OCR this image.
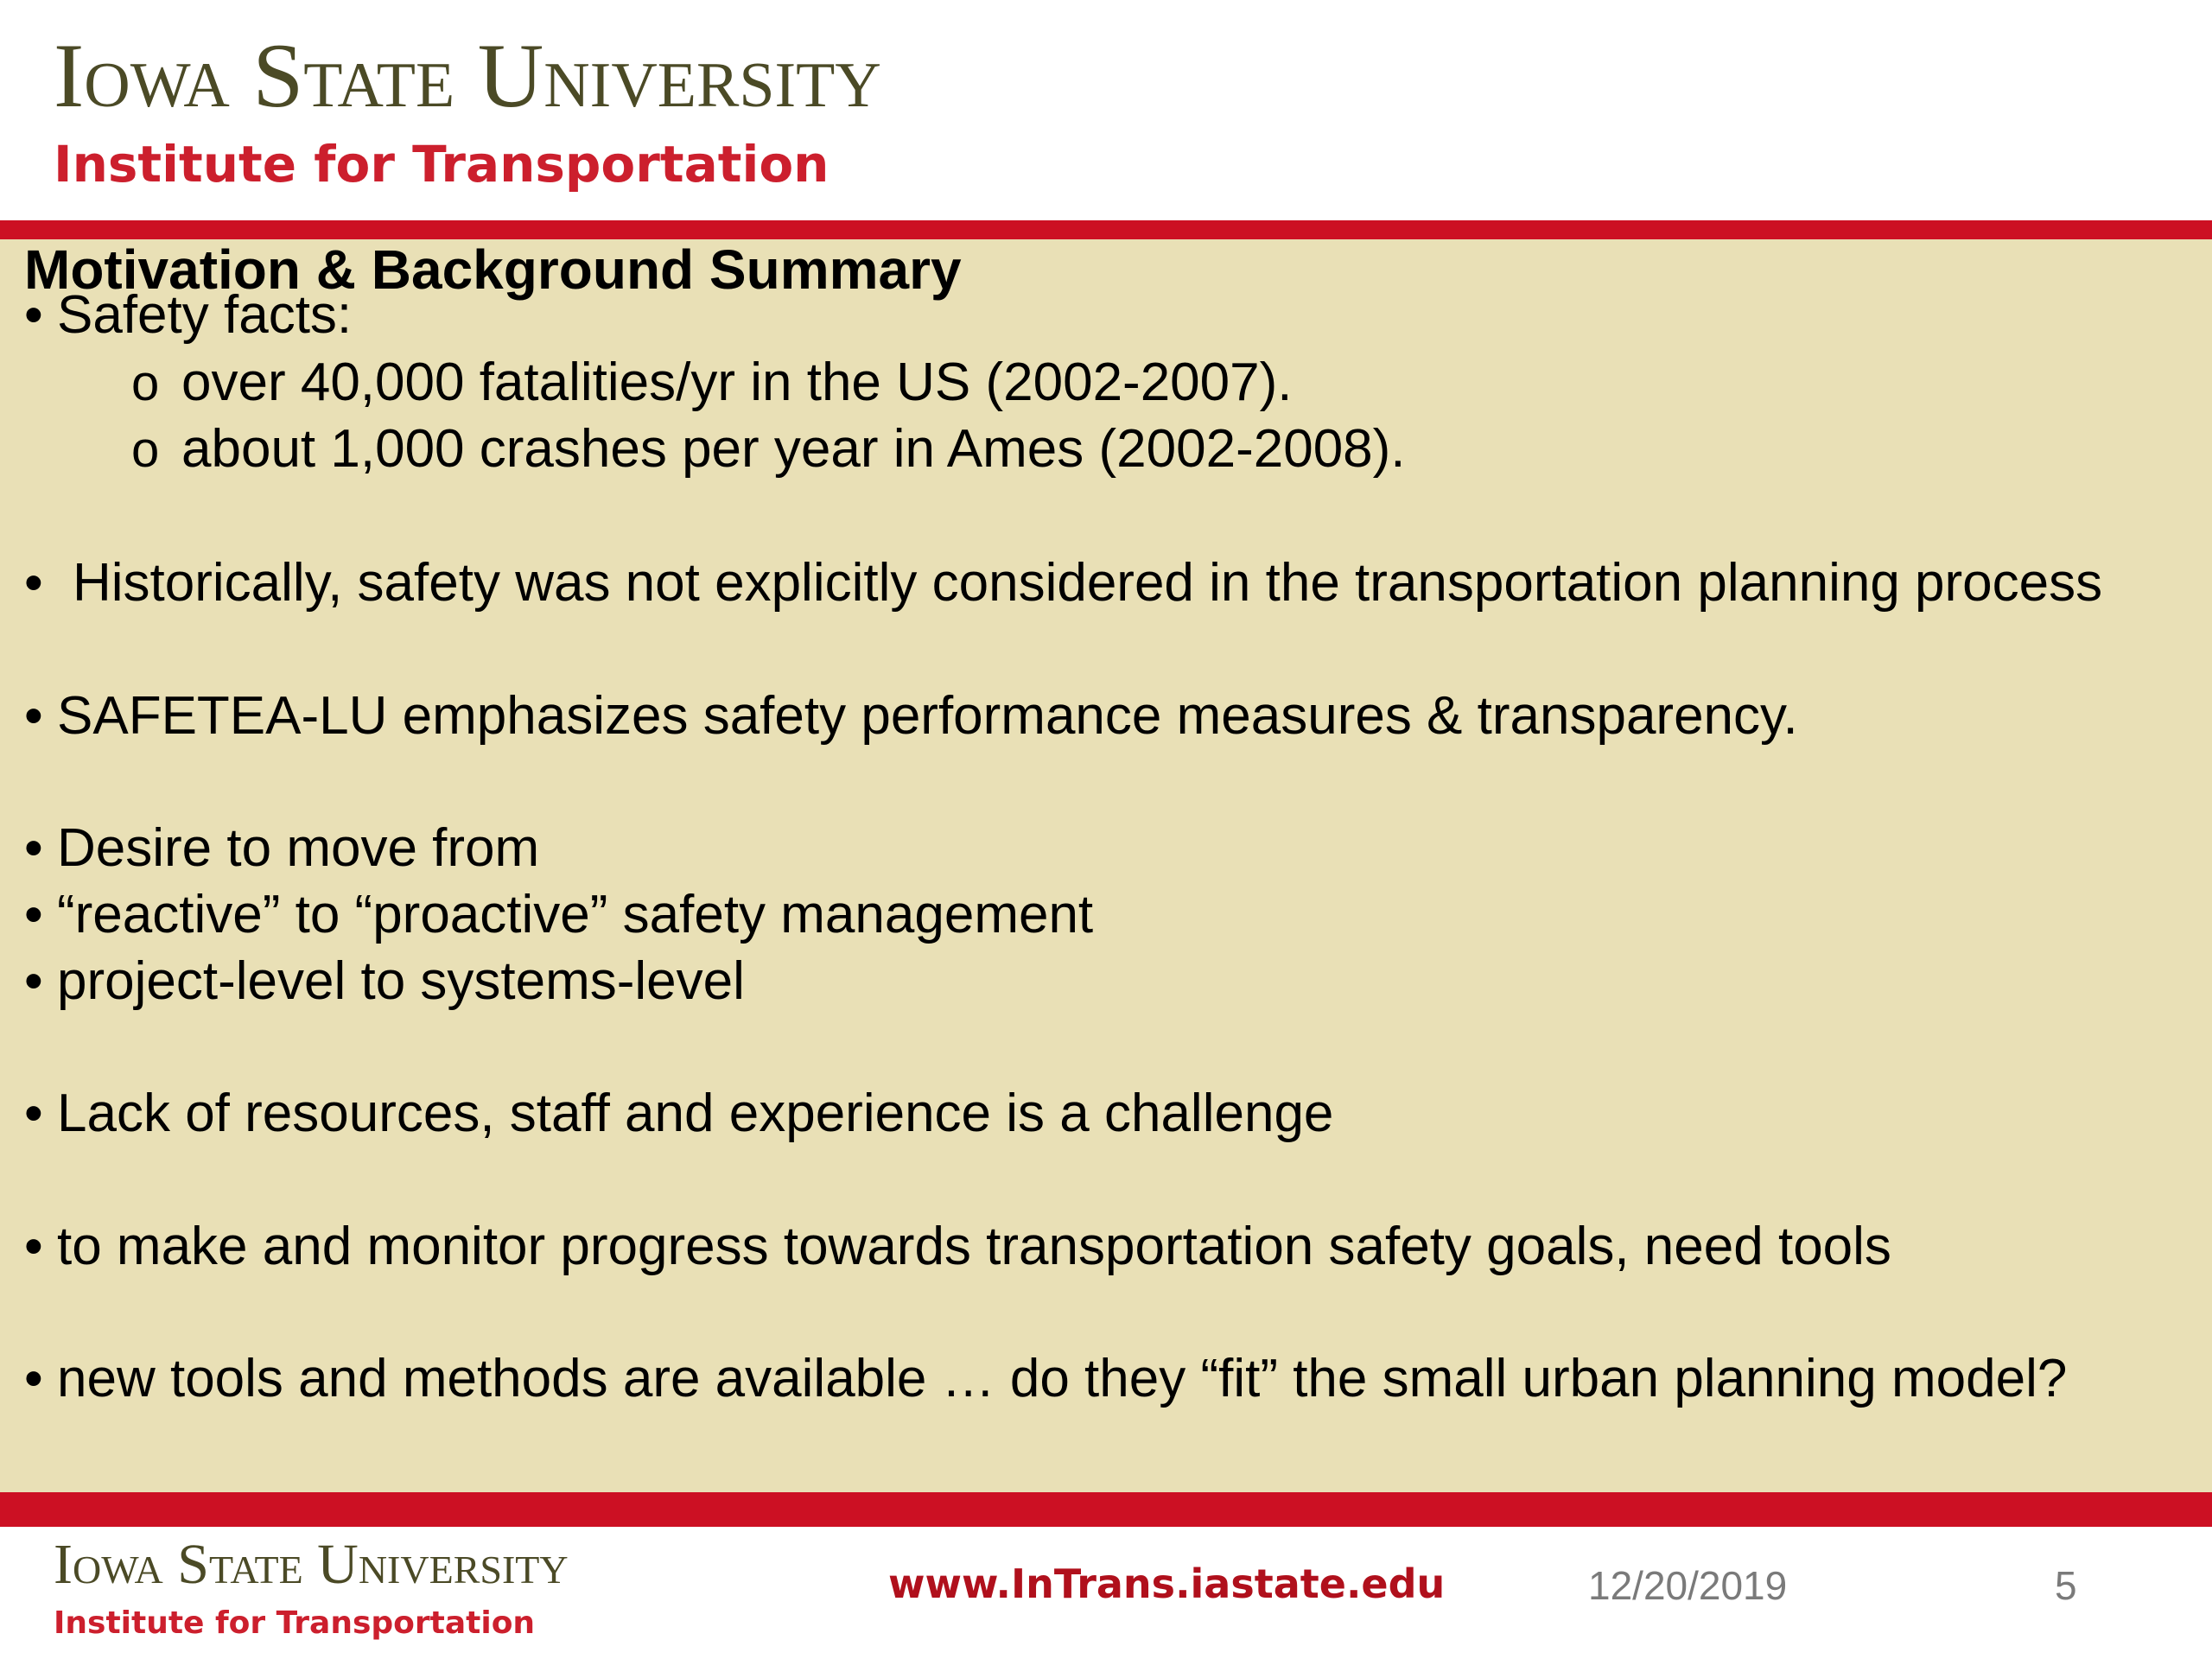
Iowa State University
Institute for Transportation
Motivation & Background Summary
• Safety facts:
o over 40,000 fatalities/yr in the US (2002-2007).
o about 1,000 crashes per year in Ames (2002-2008).
• Historically, safety was not explicitly considered in the transportation planning process
• SAFETEA-LU emphasizes safety performance measures & transparency.
• Desire to move from
• “reactive” to “proactive” safety management
• project-level to systems-level
• Lack of resources, staff and experience is a challenge
• to make and monitor progress towards transportation safety goals, need tools
• new tools and methods are available … do they “fit” the small urban planning model?
Iowa State University
Institute for Transportation
www.InTrans.iastate.edu	12/20/2019	5
